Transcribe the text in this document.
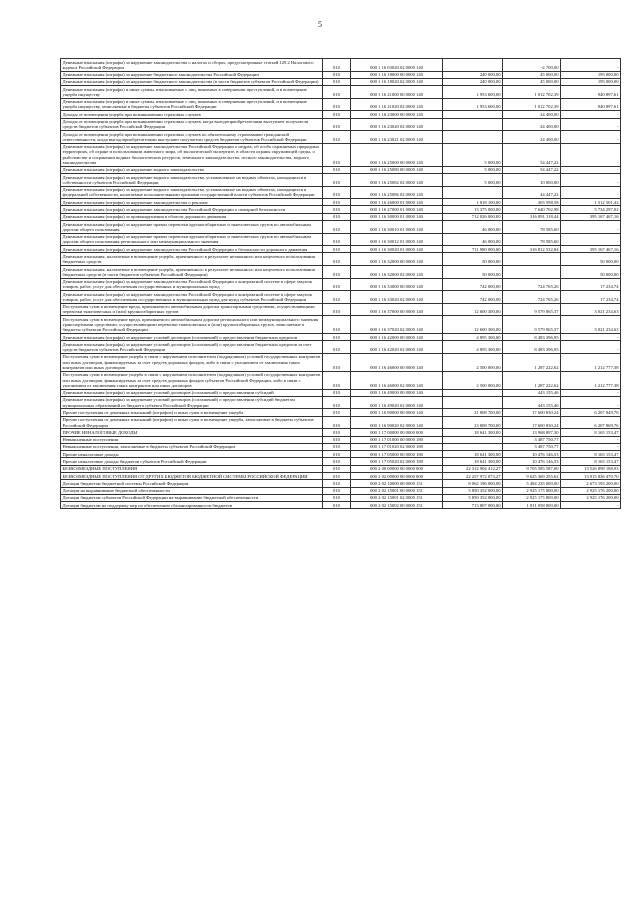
5
Денежные взыскания (штрафы) за нарушение законодательства о налогах и сборах, предусмотренные статьей 129.2 Налогового кодекса Российской Федерации	010	000 1 16 03020 02 0000 140		-2 700,00	-
Денежные взыскания (штрафы) за нарушение бюджетного законодательства Российской Федерации	010	000 1 16 18000 00 0000 140	240 000,00	45 000,00	195 000,00
Денежные взыскания (штрафы) за нарушение бюджетного законодательства (в части бюджетов субъектов Российской Федерации)	010	000 1 16 18020 02 0000 140	240 000,00	45 000,00	195 000,00
Денежные взыскания (штрафы) и иные суммы, взыскиваемые с лиц, виновных в совершении преступлений, и в возмещение ущерба имуществу	010	000 1 16 21000 00 0000 140	1 953 600,00	1 012 702,39	940 897,61
Денежные взыскания (штрафы) и иные суммы, взыскиваемые с лиц, виновных в совершении преступлений, и в возмещение ущерба имуществу, зачисляемые в бюджеты субъектов Российской Федерации	010	000 1 16 21020 02 0000 140	1 953 600,00	1 012 702,39	940 897,61
Доходы от возмещения ущерба при возникновении страховых случаев	010	000 1 16 23000 00 0000 140		24 400,00	-
Доходы от возмещения ущерба при возникновении страховых случаев, когда выгодоприобретателями выступают получатели средств бюджетов субъектов Российской Федерации	010	000 1 16 23020 02 0000 140		24 400,00	-
Доходы от возмещения ущерба при возникновении страховых случаев по обязательному страхованию гражданской ответственности, когда выгодоприобретателями выступают получатели средств бюджетов субъектов Российской Федерации	010	000 1 16 23021 02 0000 140		24 400,00	-
Денежные взыскания (штрафы) за нарушение законодательства Российской Федерации о недрах, об особо охраняемых природных территориях, об охране и использовании животного мира, об экологической экспертизе, в области охраны окружающей среды, о рыболовстве и сохранении водных биологических ресурсов, земельного законодательства, лесного законодательства, водного законодательства	010	000 1 16 25000 00 0000 140	5 000,00	54 447,22	-
Денежные взыскания (штрафы) за нарушение водного законодательства	010	000 1 16 25080 00 0000 140	5 000,00	54 447,22	-
Денежные взыскания (штрафы) за нарушение водного законодательства, установленное на водных объектах, находящихся в собственности субъектов Российской Федерации	010	000 1 16 25082 02 0000 140	5 000,00	10 000,00	-
Денежные взыскания (штрафы) за нарушение водного законодательства, установленное на водных объектах, находящихся в федеральной собственности, налагаемые исполнительными органами государственной власти субъектов Российской Федерации	010	000 1 16 25086 02 0000 140		44 447,22	-
Денежные взыскания (штрафы) за нарушение законодательства о рекламе	010	000 1 16 26000 01 0000 140	1 818 100,00	305 598,58	1 512 501,42
Денежные взыскания (штрафы) за нарушение законодательства Российской Федерации о пожарной безопасности	010	000 1 16 27000 01 0000 140	13 375 000,00	7 640 702,98	5 734 297,02
Денежные взыскания (штрафы) за правонарушения в области дорожного движения	010	000 1 16 30000 01 0000 140	712 026 000,00	316 891 118,44	395 167 467,16
Денежные взыскания (штрафы) за нарушение правил перевозки крупногабаритных и тяжеловесных грузов по автомобильным дорогам общего пользования	010	000 1 16 30010 01 0000 140	46 000,00	78 585,60	-
Денежные взыскания (штрафы) за нарушение правил перевозки крупногабаритных и тяжеловесных грузов по автомобильным дорогам общего пользования регионального или межмуниципального значения	010	000 1 16 30012 01 0000 140	46 000,00	78 585,60	-
Денежные взыскания (штрафы) за нарушение законодательства Российской Федерации о безопасности дорожного движения	010	000 1 16 30020 01 0000 140	711 980 000,00	316 812 532,84	395 167 467,16
Денежные взыскания, налагаемые в возмещение ущерба, причиненного в результате незаконного или нецелевого использования бюджетных средств	010	000 1 16 32000 00 0000 140	50 000,00		50 000,00
Денежные взыскания, налагаемые в возмещение ущерба, причиненного в результате незаконного или нецелевого использования бюджетных средств (в части бюджетов субъектов Российской Федерации)	010	000 1 16 32000 02 0000 140	50 000,00		50 000,00
Денежные взыскания (штрафы) за нарушение законодательства Российской Федерации о контрактной системе в сфере закупок товаров, работ, услуг для обеспечения государственных и муниципальных нужд	010	000 1 16 33000 00 0000 140	742 000,00	724 765,26	17 234,74
Денежные взыскания (штрафы) за нарушение законодательства Российской Федерации о контрактной системе в сфере закупок товаров, работ, услуг для обеспечения государственных и муниципальных нужд для нужд субъектов Российской Федерации	010	000 1 16 33020 02 0000 140	742 000,00	724 765,26	17 234,74
Поступления сумм в возмещение вреда, причиняемого автомобильным дорогам транспортными средствами, осуществляющими перевозки тяжеловесных и (или) крупногабаритных грузов	010	000 1 16 37000 00 0000 140	12 600 300,00	9 579 065,37	3 021 234,63
Поступления сумм в возмещение вреда, причиняемого автомобильным дорогам регионального или межмуниципального значения транспортными средствами, осуществляющими перевозки тяжеловесных и (или) крупногабаритных грузов, зачисляемые в бюджеты субъектов Российской Федерации	010	000 1 16 37020 02 0000 140	12 600 300,00	9 579 065,37	3 021 234,63
Денежные взыскания (штрафы) за нарушение условий договоров (соглашений) о предоставлении бюджетных кредитов	010	000 1 16 42000 00 0000 140	4 895 300,00	8 483 396,95	-
Денежные взыскания (штрафы) за нарушение условий договоров (соглашений) о предоставлении бюджетных кредитов за счет средств бюджетов субъектов Российской Федерации	010	000 1 16 42020 02 0000 140	4 895 300,00	8 483 396,95	-
Поступления сумм в возмещение ущерба в связи с нарушением исполнителем (подрядчиком) условий государственных контрактов или иных договоров, финансируемых за счет средств дорожных фондов, либо в связи с уклонением от заключения таких контрактов или иных договоров	010	000 1 16 46000 00 0000 140	2 500 000,00	1 287 222,62	1 212 777,38
Поступления сумм в возмещение ущерба в связи с нарушением исполнителем (подрядчиком) условий государственных контрактов или иных договоров, финансируемых за счет средств дорожных фондов субъектов Российской Федерации, либо в связи с уклонением от заключения таких контрактов или иных договоров	010	000 1 16 46000 02 0000 140	2 500 000,00	1 287 222,62	1 212 777,38
Денежные взыскания (штрафы) за нарушение условий договоров (соглашений) о предоставлении субсидий	010	000 1 16 49000 00 0000 140		443 155,46	-
Денежные взыскания (штрафы) за нарушение условий договоров (соглашений) о предоставлении субсидий бюджетам муниципальных образований из бюджета субъекта Российской Федерации	010	000 1 16 49020 02 0000 140		443 155,46	-
Прочие поступления от денежных взысканий (штрафов) и иных сумм в возмещение ущерба	010	000 1 16 90000 00 0000 140	21 808 700,00	17 600 830,24	6 207 849,76
Прочие поступления от денежных взысканий (штрафов) и иных сумм в возмещение ущерба, зачисляемые в бюджеты субъектов Российской Федерации	010	000 1 16 90020 02 0000 140	23 808 700,00	17 600 830,24	6 207 869,76
ПРОЧИЕ НЕНАЛОГОВЫЕ ДОХОДЫ	010	000 1 17 00000 00 0000 000	18 641 300,00	13 968 897,30	8 165 153,47
Невыясненные поступления	010	000 1 17 01000 00 0000 180		3 487 750,77	-
Невыясненные поступления, зачисляемые в бюджеты субъектов Российской Федерации	010	000 1 17 01020 02 0000 180		3 487 750,77	-
Прочие неналоговые доходы	010	000 1 17 05000 00 0000 180	18 641 300,00	10 476 146,53	8 165 153,47
Прочие неналоговые доходы бюджетов субъектов Российской Федерации	010	000 1 17 05020 02 0000 180	18 641 300,00	10 476 146,53	8 165 153,47
БЕЗВОЗМЕЗДНЫЕ ПОСТУПЛЕНИЯ	010	000 2 00 00000 00 0000 000	22 312 904 412,27	9 705 585 587,00	13 526 898 188,93
БЕЗВОЗМЕЗДНЫЕ ПОСТУПЛЕНИЯ ОТ ДРУГИХ БЮДЖЕТОВ БЮДЖЕТНОЙ СИСТЕМЫ РОССИЙСКОЙ ФЕДЕРАЦИИ	010	000 2 02 00000 00 0000 000	22 257 972 073,27	9 625 369 255,62	13 915 836 470,70
Дотации бюджетам бюджетной системы Российской Федерации	010	000 2 02 10000 00 0000 151	8 062 196 000,00	5 484 235 000,00	2 673 193 200,00
Дотации на выравнивание бюджетной обеспеченности	010	000 2 02 15001 00 0000 151	5 850 352 000,00	2 925 175 800,00	2 925 176 200,00
Дотации бюджетам субъектов Российской Федерации на выравнивание бюджетной обеспеченности	010	000 2 02 15001 02 0000 151	5 850 352 000,00	2 925 175 800,00	2 925 176 200,00
Дотации бюджетам на поддержку мер по обеспечению сбалансированности бюджетов	010	000 2 02 15002 00 0000 151	713 807 000,00	1 811 058 000,00	-
